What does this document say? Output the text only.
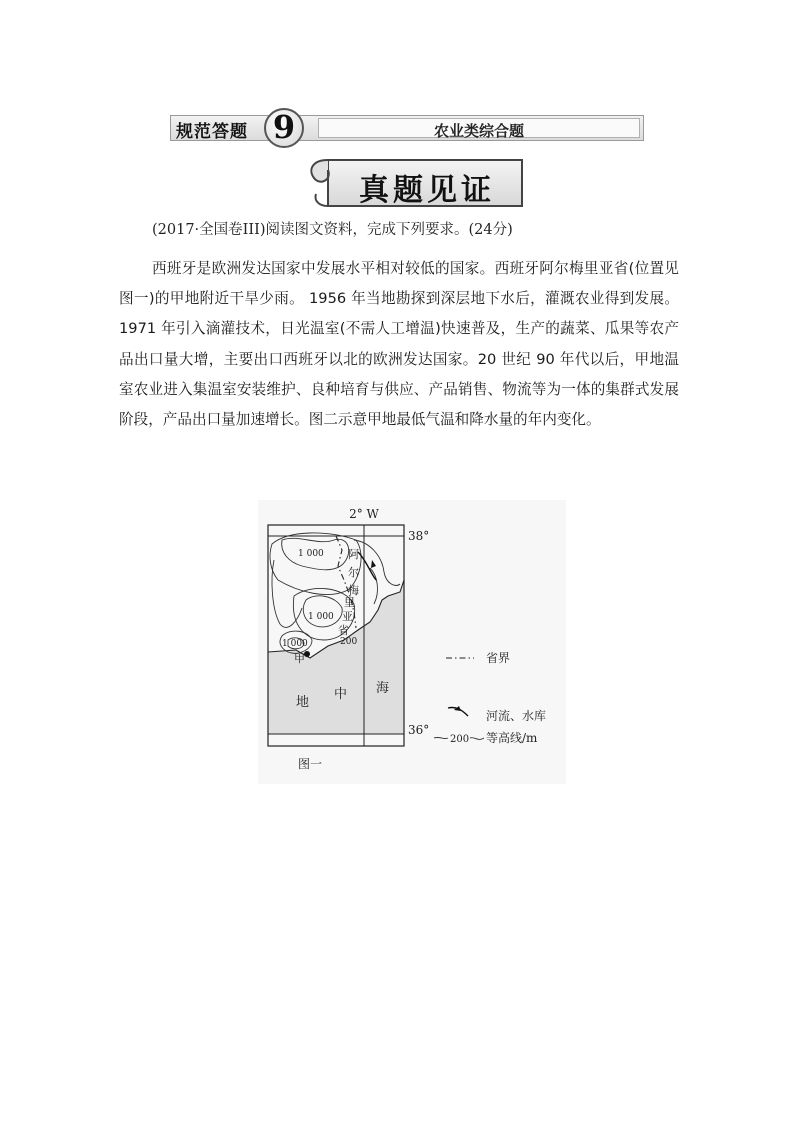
规范答题 9	农业类综合题
真题见证
(2017·全国卷III)阅读图文资料，完成下列要求。(24分)
西班牙是欧洲发达国家中发展水平相对较低的国家。西班牙阿尔梅里亚省(位置见图一)的甲地附近干旱少雨。 1956 年当地勘探到深层地下水后，灌溉农业得到发展。1971 年引入滴灌技术，日光温室(不需人工增温)快速普及，生产的蔬菜、瓜果等农产品出口量大增，主要出口西班牙以北的欧洲发达国家。20 世纪 90 年代以后，甲地温室农业进入集温室安装维护、良种培育与供应、产品销售、物流等为一体的集群式发展阶段，产品出口量加速增长。图二示意甲地最低气温和降水量的年内变化。
2° W
38°
36°
1 000
1 000
200
1 000
阿
尔
梅
里
亚
省
甲
地
中 海
省界
河流、水库
200 等高线/m
图一
